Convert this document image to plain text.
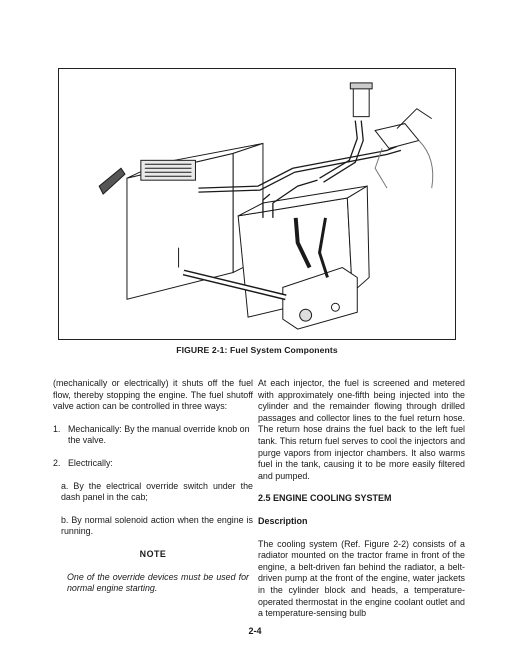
FIGURE 2-1: Fuel System Components

(mechanically or electrically) it shuts off the fuel flow, thereby stopping the engine. The fuel shutoff valve action can be controlled in three ways:

1. Mechanically: By the manual override knob on the valve.
2. Electrically:

a. By the electrical override switch under the dash panel in the cab;

b. By normal solenoid action when the engine is running.

NOTE

One of the override devices must be used for normal engine starting.

At each injector, the fuel is screened and metered with approximately one-fifth being injected into the cylinder and the remainder flowing through drilled passages and collector lines to the fuel return hose. The return hose drains the fuel back to the left fuel tank. This return fuel serves to cool the injectors and purge vapors from injector chambers. It also warms fuel in the tank, causing it to be more easily filtered and pumped.

2.5 ENGINE COOLING SYSTEM

Description

The cooling system (Ref. Figure 2-2) consists of a radiator mounted on the tractor frame in front of the engine, a belt-driven fan behind the radiator, a belt-driven pump at the front of the engine, water jackets in the cylinder block and heads, a temperature-operated thermostat in the engine coolant outlet and a temperature-sensing bulb

2-4
